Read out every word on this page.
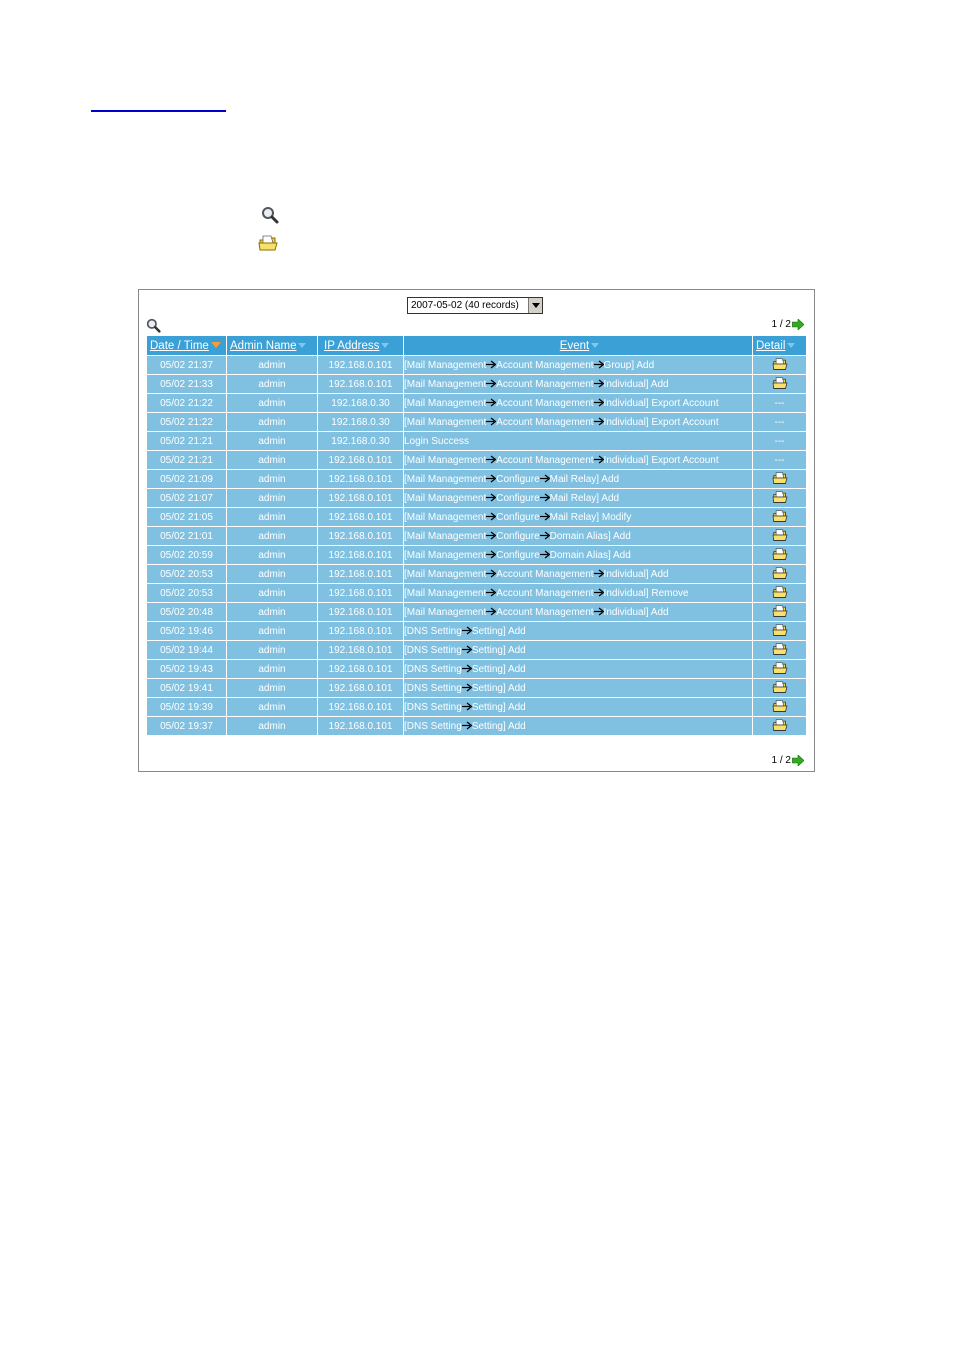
2007-05-02 (40 records)
1 / 2
Date / Time	Admin Name	IP Address	Event	Detail
05/02 21:37	admin	192.168.0.101	[Mail Management Account Management Group] Add	
05/02 21:33	admin	192.168.0.101	[Mail Management Account Management Individual] Add	
05/02 21:22	admin	192.168.0.30	[Mail Management Account Management Individual] Export Account	---
05/02 21:22	admin	192.168.0.30	[Mail Management Account Management Individual] Export Account	---
05/02 21:21	admin	192.168.0.30	Login Success	---
05/02 21:21	admin	192.168.0.101	[Mail Management Account Management Individual] Export Account	---
05/02 21:09	admin	192.168.0.101	[Mail Management Configure Mail Relay] Add	
05/02 21:07	admin	192.168.0.101	[Mail Management Configure Mail Relay] Add	
05/02 21:05	admin	192.168.0.101	[Mail Management Configure Mail Relay] Modify	
05/02 21:01	admin	192.168.0.101	[Mail Management Configure Domain Alias] Add	
05/02 20:59	admin	192.168.0.101	[Mail Management Configure Domain Alias] Add	
05/02 20:53	admin	192.168.0.101	[Mail Management Account Management Individual] Add	
05/02 20:53	admin	192.168.0.101	[Mail Management Account Management Individual] Remove	
05/02 20:48	admin	192.168.0.101	[Mail Management Account Management Individual] Add	
05/02 19:46	admin	192.168.0.101	[DNS Setting Setting] Add	
05/02 19:44	admin	192.168.0.101	[DNS Setting Setting] Add	
05/02 19:43	admin	192.168.0.101	[DNS Setting Setting] Add	
05/02 19:41	admin	192.168.0.101	[DNS Setting Setting] Add	
05/02 19:39	admin	192.168.0.101	[DNS Setting Setting] Add	
05/02 19:37	admin	192.168.0.101	[DNS Setting Setting] Add	
1 / 2
